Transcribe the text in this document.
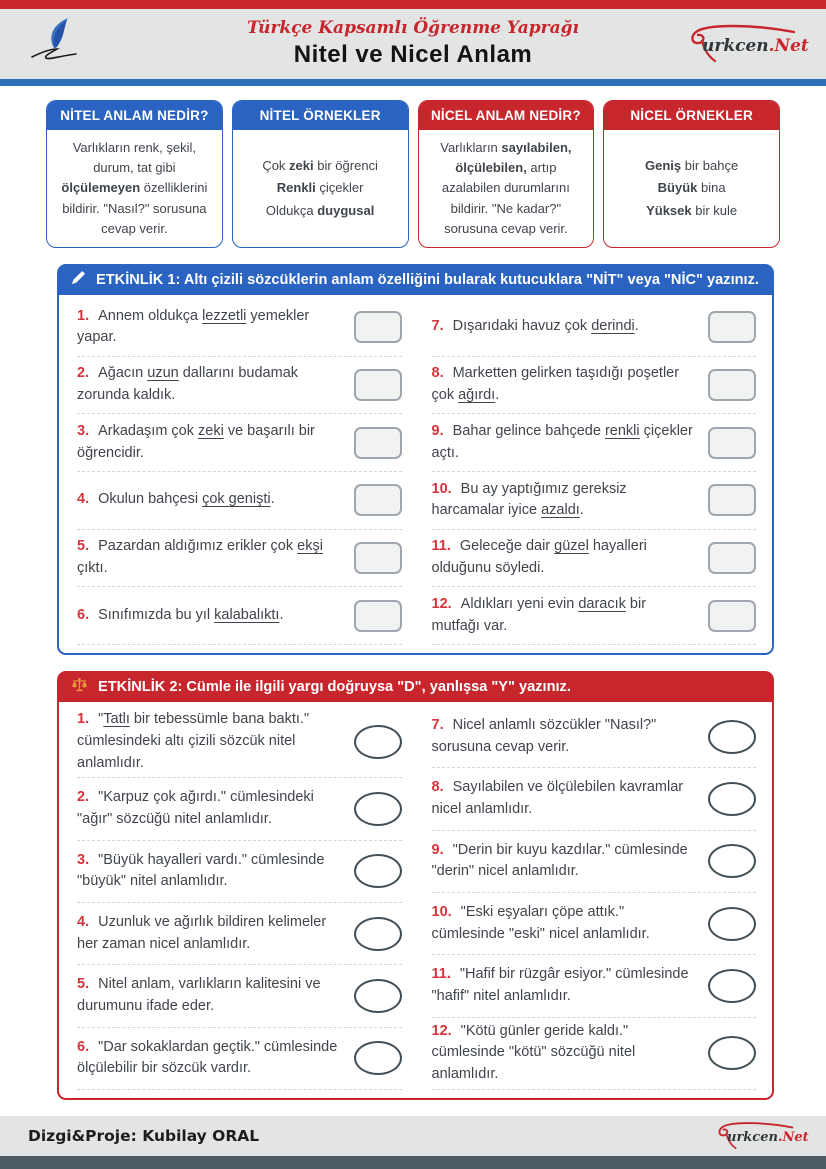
Türkçe Kapsamlı Öğrenme Yaprağı
Nitel ve Nicel Anlam	urkcen.Net
NİTEL ANLAM NEDİR?
Varlıkların renk, şekil, durum, tat gibi ölçülemeyen özelliklerini bildirir. "Nasıl?" sorusuna cevap verir.
NİTEL ÖRNEKLER
Çok zeki bir öğrenci
Renkli çiçekler
Oldukça duygusal
NİCEL ANLAM NEDİR?
Varlıkların sayılabilen, ölçülebilen, artıp azalabilen durumlarını bildirir. "Ne kadar?" sorusuna cevap verir.
NİCEL ÖRNEKLER
Geniş bir bahçe
Büyük bina
Yüksek bir kule
ETKİNLİK 1: Altı çizili sözcüklerin anlam özelliğini bularak kutucuklara "NİT" veya "NİC" yazınız.

1. Annem oldukça lezzetli yemekler yapar.

2. Ağacın uzun dallarını budamak zorunda kaldık.

3. Arkadaşım çok zeki ve başarılı bir öğrencidir.

4. Okulun bahçesi çok genişti.

5. Pazardan aldığımız erikler çok ekşi çıktı.

6. Sınıfımızda bu yıl kalabalıktı.

7. Dışarıdaki havuz çok derindi.

8. Marketten gelirken taşıdığı poşetler çok ağırdı.

9. Bahar gelince bahçede renkli çiçekler açtı.

10. Bu ay yaptığımız gereksiz harcamalar iyice azaldı.

11. Geleceğe dair güzel hayalleri olduğunu söyledi.

12. Aldıkları yeni evin daracık bir mutfağı var.

ETKİNLİK 2: Cümle ile ilgili yargı doğruysa "D", yanlışsa "Y" yazınız.

1. "Tatlı bir tebessümle bana baktı." cümlesindeki altı çizili sözcük nitel anlamlıdır.

2. "Karpuz çok ağırdı." cümlesindeki "ağır" sözcüğü nitel anlamlıdır.

3. "Büyük hayalleri vardı." cümlesinde "büyük" nitel anlamlıdır.

4. Uzunluk ve ağırlık bildiren kelimeler her zaman nicel anlamlıdır.

5. Nitel anlam, varlıkların kalitesini ve durumunu ifade eder.

6. "Dar sokaklardan geçtik." cümlesinde ölçülebilir bir sözcük vardır.

7. Nicel anlamlı sözcükler "Nasıl?" sorusuna cevap verir.

8. Sayılabilen ve ölçülebilen kavramlar nicel anlamlıdır.

9. "Derin bir kuyu kazdılar." cümlesinde "derin" nicel anlamlıdır.

10. "Eski eşyaları çöpe attık." cümlesinde "eski" nicel anlamlıdır.

11. "Hafif bir rüzgâr esiyor." cümlesinde "hafif" nitel anlamlıdır.

12. "Kötü günler geride kaldı." cümlesinde "kötü" sözcüğü nitel anlamlıdır.

Dizgi&Proje: Kubilay ORAL	urkcen.Net
